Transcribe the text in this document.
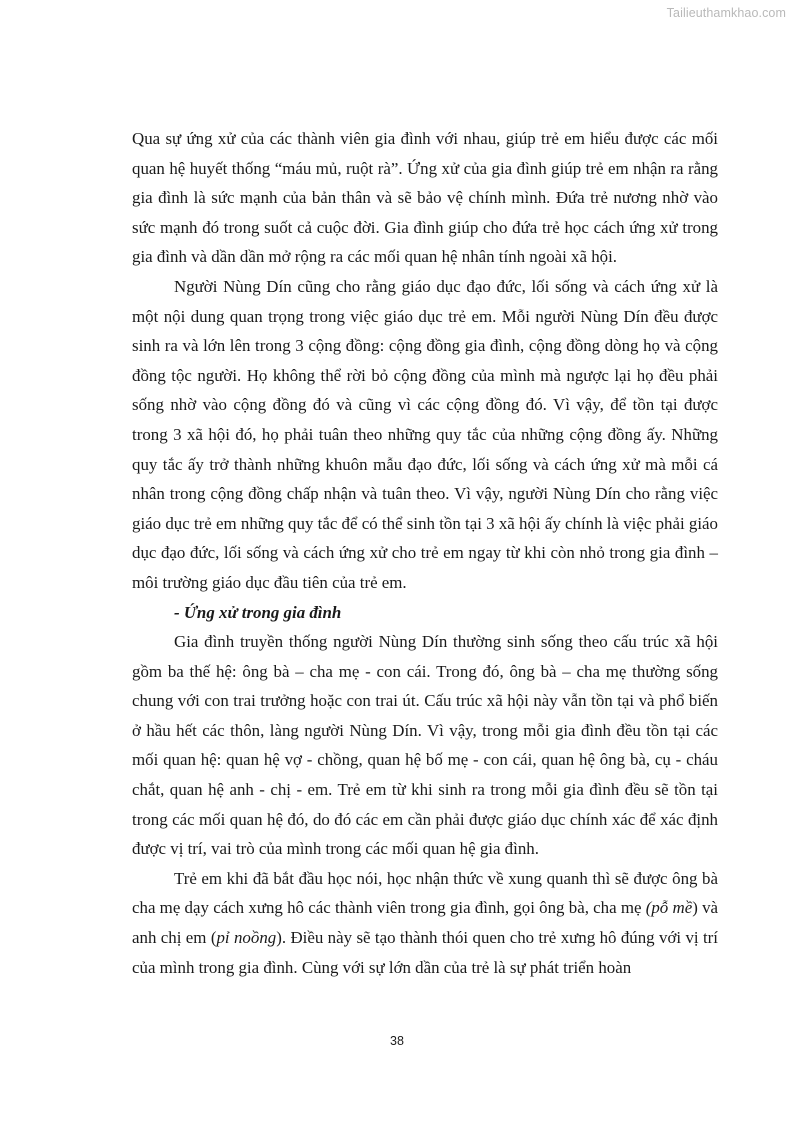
Tailieuthamkhao.com

Qua sự ứng xử của các thành viên gia đình với nhau, giúp trẻ em hiểu được các mối quan hệ huyết thống “máu mủ, ruột rà”. Ứng xử của gia đình giúp trẻ em nhận ra rằng gia đình là sức mạnh của bản thân và sẽ bảo vệ chính mình. Đứa trẻ nương nhờ vào sức mạnh đó trong suốt cả cuộc đời. Gia đình giúp cho đứa trẻ học cách ứng xử trong gia đình và dần dần mở rộng ra các mối quan hệ nhân tính ngoài xã hội.

Người Nùng Dín cũng cho rằng giáo dục đạo đức, lối sống và cách ứng xử là một nội dung quan trọng trong việc giáo dục trẻ em. Mỗi người Nùng Dín đều được sinh ra và lớn lên trong 3 cộng đồng: cộng đồng gia đình, cộng đồng dòng họ và cộng đồng tộc người. Họ không thể rời bỏ cộng đồng của mình mà ngược lại họ đều phải sống nhờ vào cộng đồng đó và cũng vì các cộng đồng đó. Vì vậy, để tồn tại được trong 3 xã hội đó, họ phải tuân theo những quy tắc của những cộng đồng ấy. Những quy tắc ấy trở thành những khuôn mẫu đạo đức, lối sống và cách ứng xử mà mỗi cá nhân trong cộng đồng chấp nhận và tuân theo. Vì vậy, người Nùng Dín cho rằng việc giáo dục trẻ em những quy tắc để có thể sinh tồn tại 3 xã hội ấy chính là việc phải giáo dục đạo đức, lối sống và cách ứng xử cho trẻ em ngay từ khi còn nhỏ trong gia đình – môi trường giáo dục đầu tiên của trẻ em.

- Ứng xử trong gia đình

Gia đình truyền thống người Nùng Dín thường sinh sống theo cấu trúc xã hội gồm ba thế hệ: ông bà – cha mẹ - con cái. Trong đó, ông bà – cha mẹ thường sống chung với con trai trưởng hoặc con trai út. Cấu trúc xã hội này vẫn tồn tại và phổ biến ở hầu hết các thôn, làng người Nùng Dín. Vì vậy, trong mỗi gia đình đều tồn tại các mối quan hệ: quan hệ vợ - chồng, quan hệ bố mẹ - con cái, quan hệ ông bà, cụ - cháu chắt, quan hệ anh - chị - em. Trẻ em từ khi sinh ra trong mỗi gia đình đều sẽ tồn tại trong các mối quan hệ đó, do đó các em cần phải được giáo dục chính xác để xác định được vị trí, vai trò của mình trong các mối quan hệ gia đình.

Trẻ em khi đã bắt đầu học nói, học nhận thức về xung quanh thì sẽ được ông bà cha mẹ dạy cách xưng hô các thành viên trong gia đình, gọi ông bà, cha mẹ (pỗ mề) và anh chị em (pỉ noồng). Điều này sẽ tạo thành thói quen cho trẻ xưng hô đúng với vị trí của mình trong gia đình. Cùng với sự lớn dần của trẻ là sự phát triển hoàn

38
